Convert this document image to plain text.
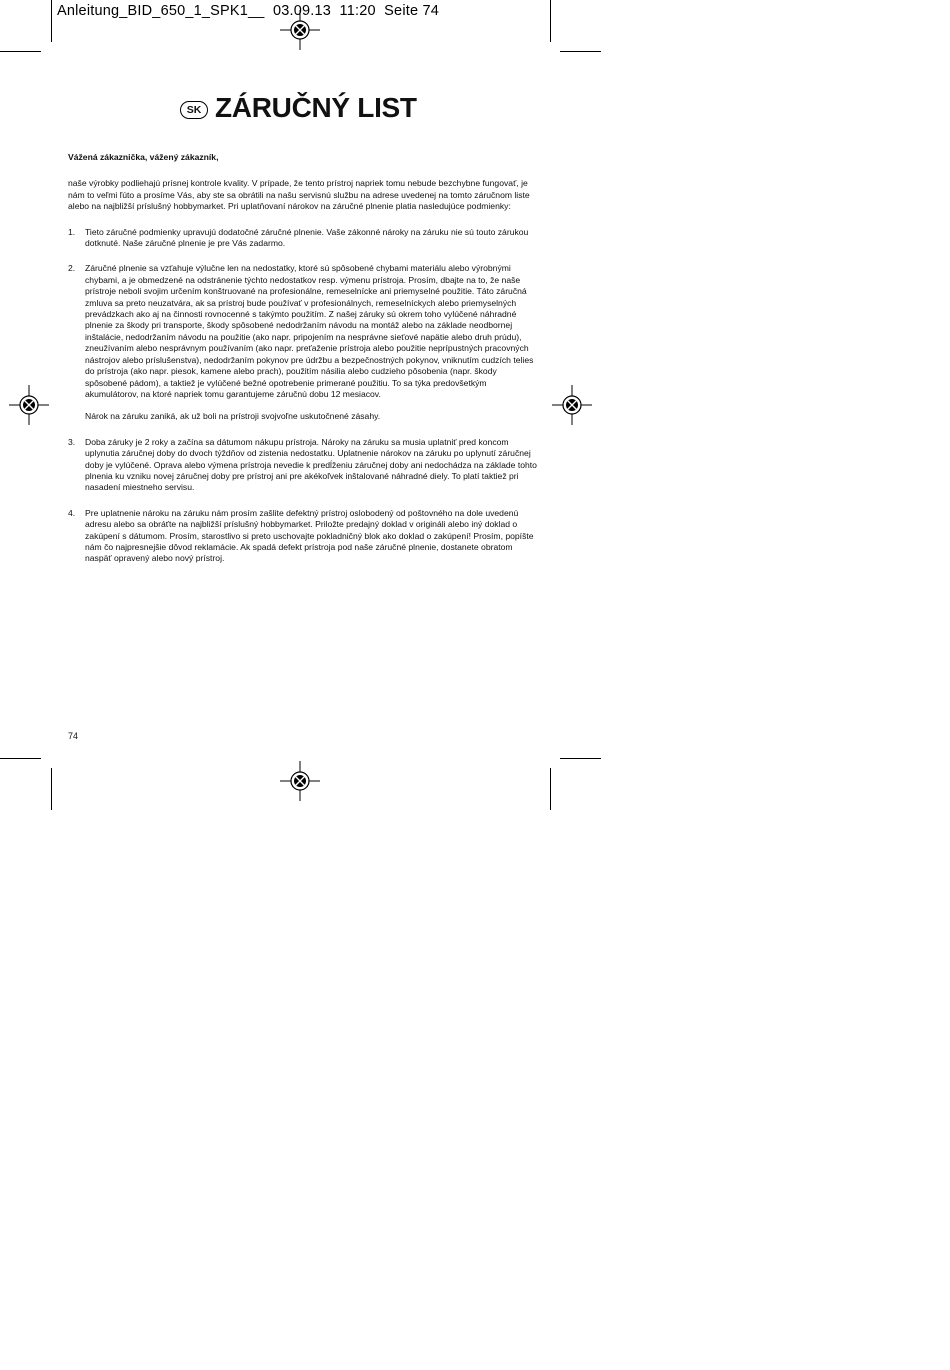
Anleitung_BID_650_1_SPK1__  03.09.13  11:20  Seite 74
SK ZÁRUČNÝ LIST
Vážená zákaznička, vážený zákazník,

naše výrobky podliehajú prísnej kontrole kvality. V prípade, že tento prístroj napriek tomu nebude bezchybne fungovať, je nám to veľmi ľúto a prosíme Vás, aby ste sa obrátili na našu servisnú službu na adrese uvedenej na tomto záručnom liste alebo na najbližší príslušný hobbymarket. Pri uplatňovaní nárokov na záručné plnenie platia nasledujúce podmienky:

1.	Tieto záručné podmienky upravujú dodatočné záručné plnenie. Vaše zákonné nároky na záruku nie sú touto zárukou dotknuté. Naše záručné plnenie je pre Vás zadarmo.

2.	Záručné plnenie sa vzťahuje výlučne len na nedostatky, ktoré sú spôsobené chybami materiálu alebo výrobnými chybami, a je obmedzené na odstránenie týchto nedostatkov resp. výmenu prístroja. Prosím, dbajte na to, že naše prístroje neboli svojim určením konštruované na profesionálne, remeselnícke ani priemyselné použitie. Táto záručná zmluva sa preto neuzatvára, ak sa prístroj bude používať v profesionálnych, remeselníckych alebo priemyselných prevádzkach ako aj na činnosti rovnocenné s takýmto použitím. Z našej záruky sú okrem toho vylúčené náhradné plnenie za škody pri transporte, škody spôsobené nedodržaním návodu na montáž alebo na základe neodbornej inštalácie, nedodržaním návodu na použitie (ako napr. pripojením na nesprávne sieťové napätie alebo druh prúdu), zneužívaním alebo nesprávnym používaním (ako napr. preťaženie prístroja alebo použitie neprípustných pracovných nástrojov alebo príslušenstva), nedodržaním pokynov pre údržbu a bezpečnostných pokynov, vniknutím cudzích telies do prístroja (ako napr. piesok, kamene alebo prach), použitím násilia alebo cudzieho pôsobenia (napr. škody spôsobené pádom), a taktiež je vylúčené bežné opotrebenie primerané použitiu. To sa týka predovšetkým akumulátorov, na ktoré napriek tomu garantujeme záručnú dobu 12 mesiacov.

Nárok na záruku zaniká, ak už boli na prístroji svojvoľne uskutočnené zásahy.

3.	Doba záruky je 2 roky a začína sa dátumom nákupu prístroja. Nároky na záruku sa musia uplatniť pred koncom uplynutia záručnej doby do dvoch týždňov od zistenia nedostatku. Uplatnenie nárokov na záruku po uplynutí záručnej doby je vylúčené. Oprava alebo výmena prístroja nevedie k predĺženiu záručnej doby ani nedochádza na základe tohto plnenia ku vzniku novej záručnej doby pre prístroj ani pre akékoľvek inštalované náhradné diely. To platí taktiež pri nasadení miestneho servisu.

4.	Pre uplatnenie nároku na záruku nám prosím zašlite defektný prístroj oslobodený od poštovného na dole uvedenú adresu alebo sa obráťte na najbližší príslušný hobbymarket. Priložte predajný doklad v origináli alebo iný doklad o zakúpení s dátumom. Prosím, starostlivo si preto uschovajte pokladničný blok ako doklad o zakúpení! Prosím, popíšte nám čo najpresnejšie dôvod reklamácie. Ak spadá defekt prístroja pod naše záručné plnenie, dostanete obratom naspäť opravený alebo nový prístroj.

74
